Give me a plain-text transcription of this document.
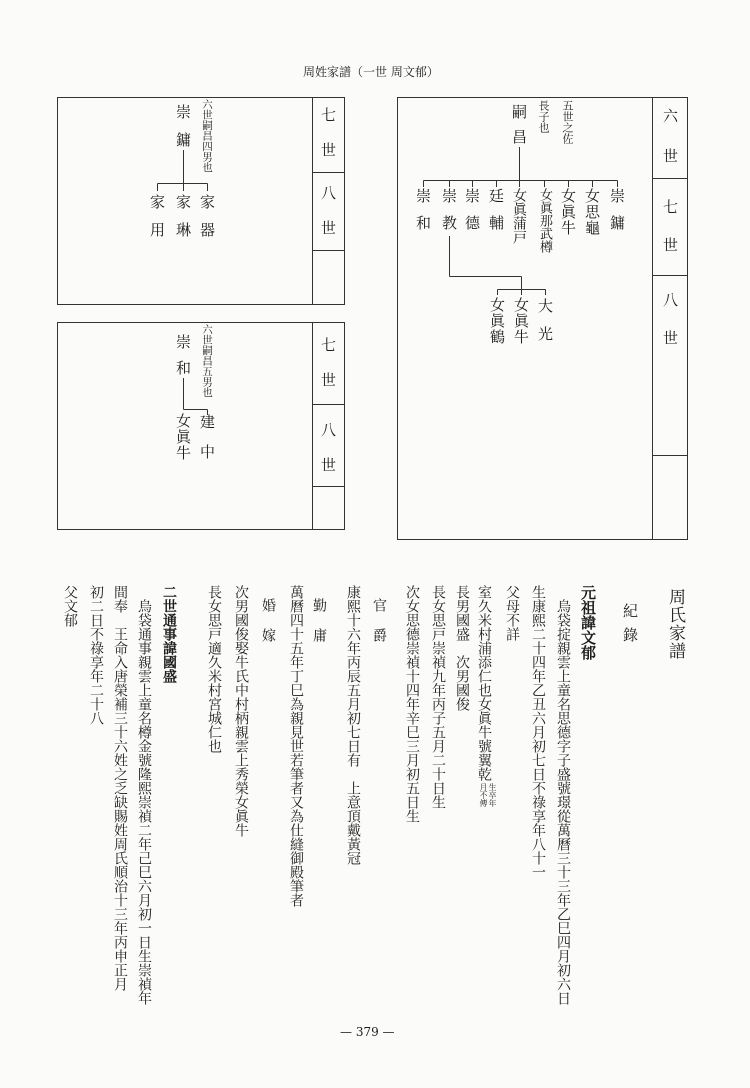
周姓家譜（一世 周文郁）
七世
八世
六世嗣昌四男也
崇鏞
家器
家琳
家用
七世
八世
六世嗣昌五男也
崇和
建中
女眞牛
六世
七世
八世
五世之佐
長子也
嗣昌
崇鏞
女思龜
女眞牛
女眞那武樽
女眞蒲戸
廷輔
崇德
崇教
崇和
大光
女眞牛
女眞鶴
周氏家譜
紀錄
元祖諱文郁
烏袋掟親雲上童名思德字子盛號璟從萬曆三十三年乙巳四月初六日
生康熙二十四年乙丑六月初七日不祿享年八十一
父母不詳
室久米村浦添仁也女眞牛號翼乾
生卒年
月不傳
長男國盛　次男國俊
長女思戸崇禎九年丙子五月二十日生
次女思德崇禎十四年辛巳三月初五日生
官　爵
康熙十六年丙辰五月初七日有　上意頂戴黃冠
勤　庸
萬曆四十五年丁巳為親見世若筆者又為仕縫御殿筆者
婚　嫁
次男國俊娶牛氏中村柄親雲上秀榮女眞牛
長女思戸適久米村宮城仁也
二世通事諱國盛
烏袋通事親雲上童名樽金號隆熙崇禎二年己巳六月初一日生崇禎年
間奉　王命入唐榮補三十六姓之乏缺賜姓周氏順治十三年丙申正月
初二日不祿享年二十八
父文郁
— 379 —
